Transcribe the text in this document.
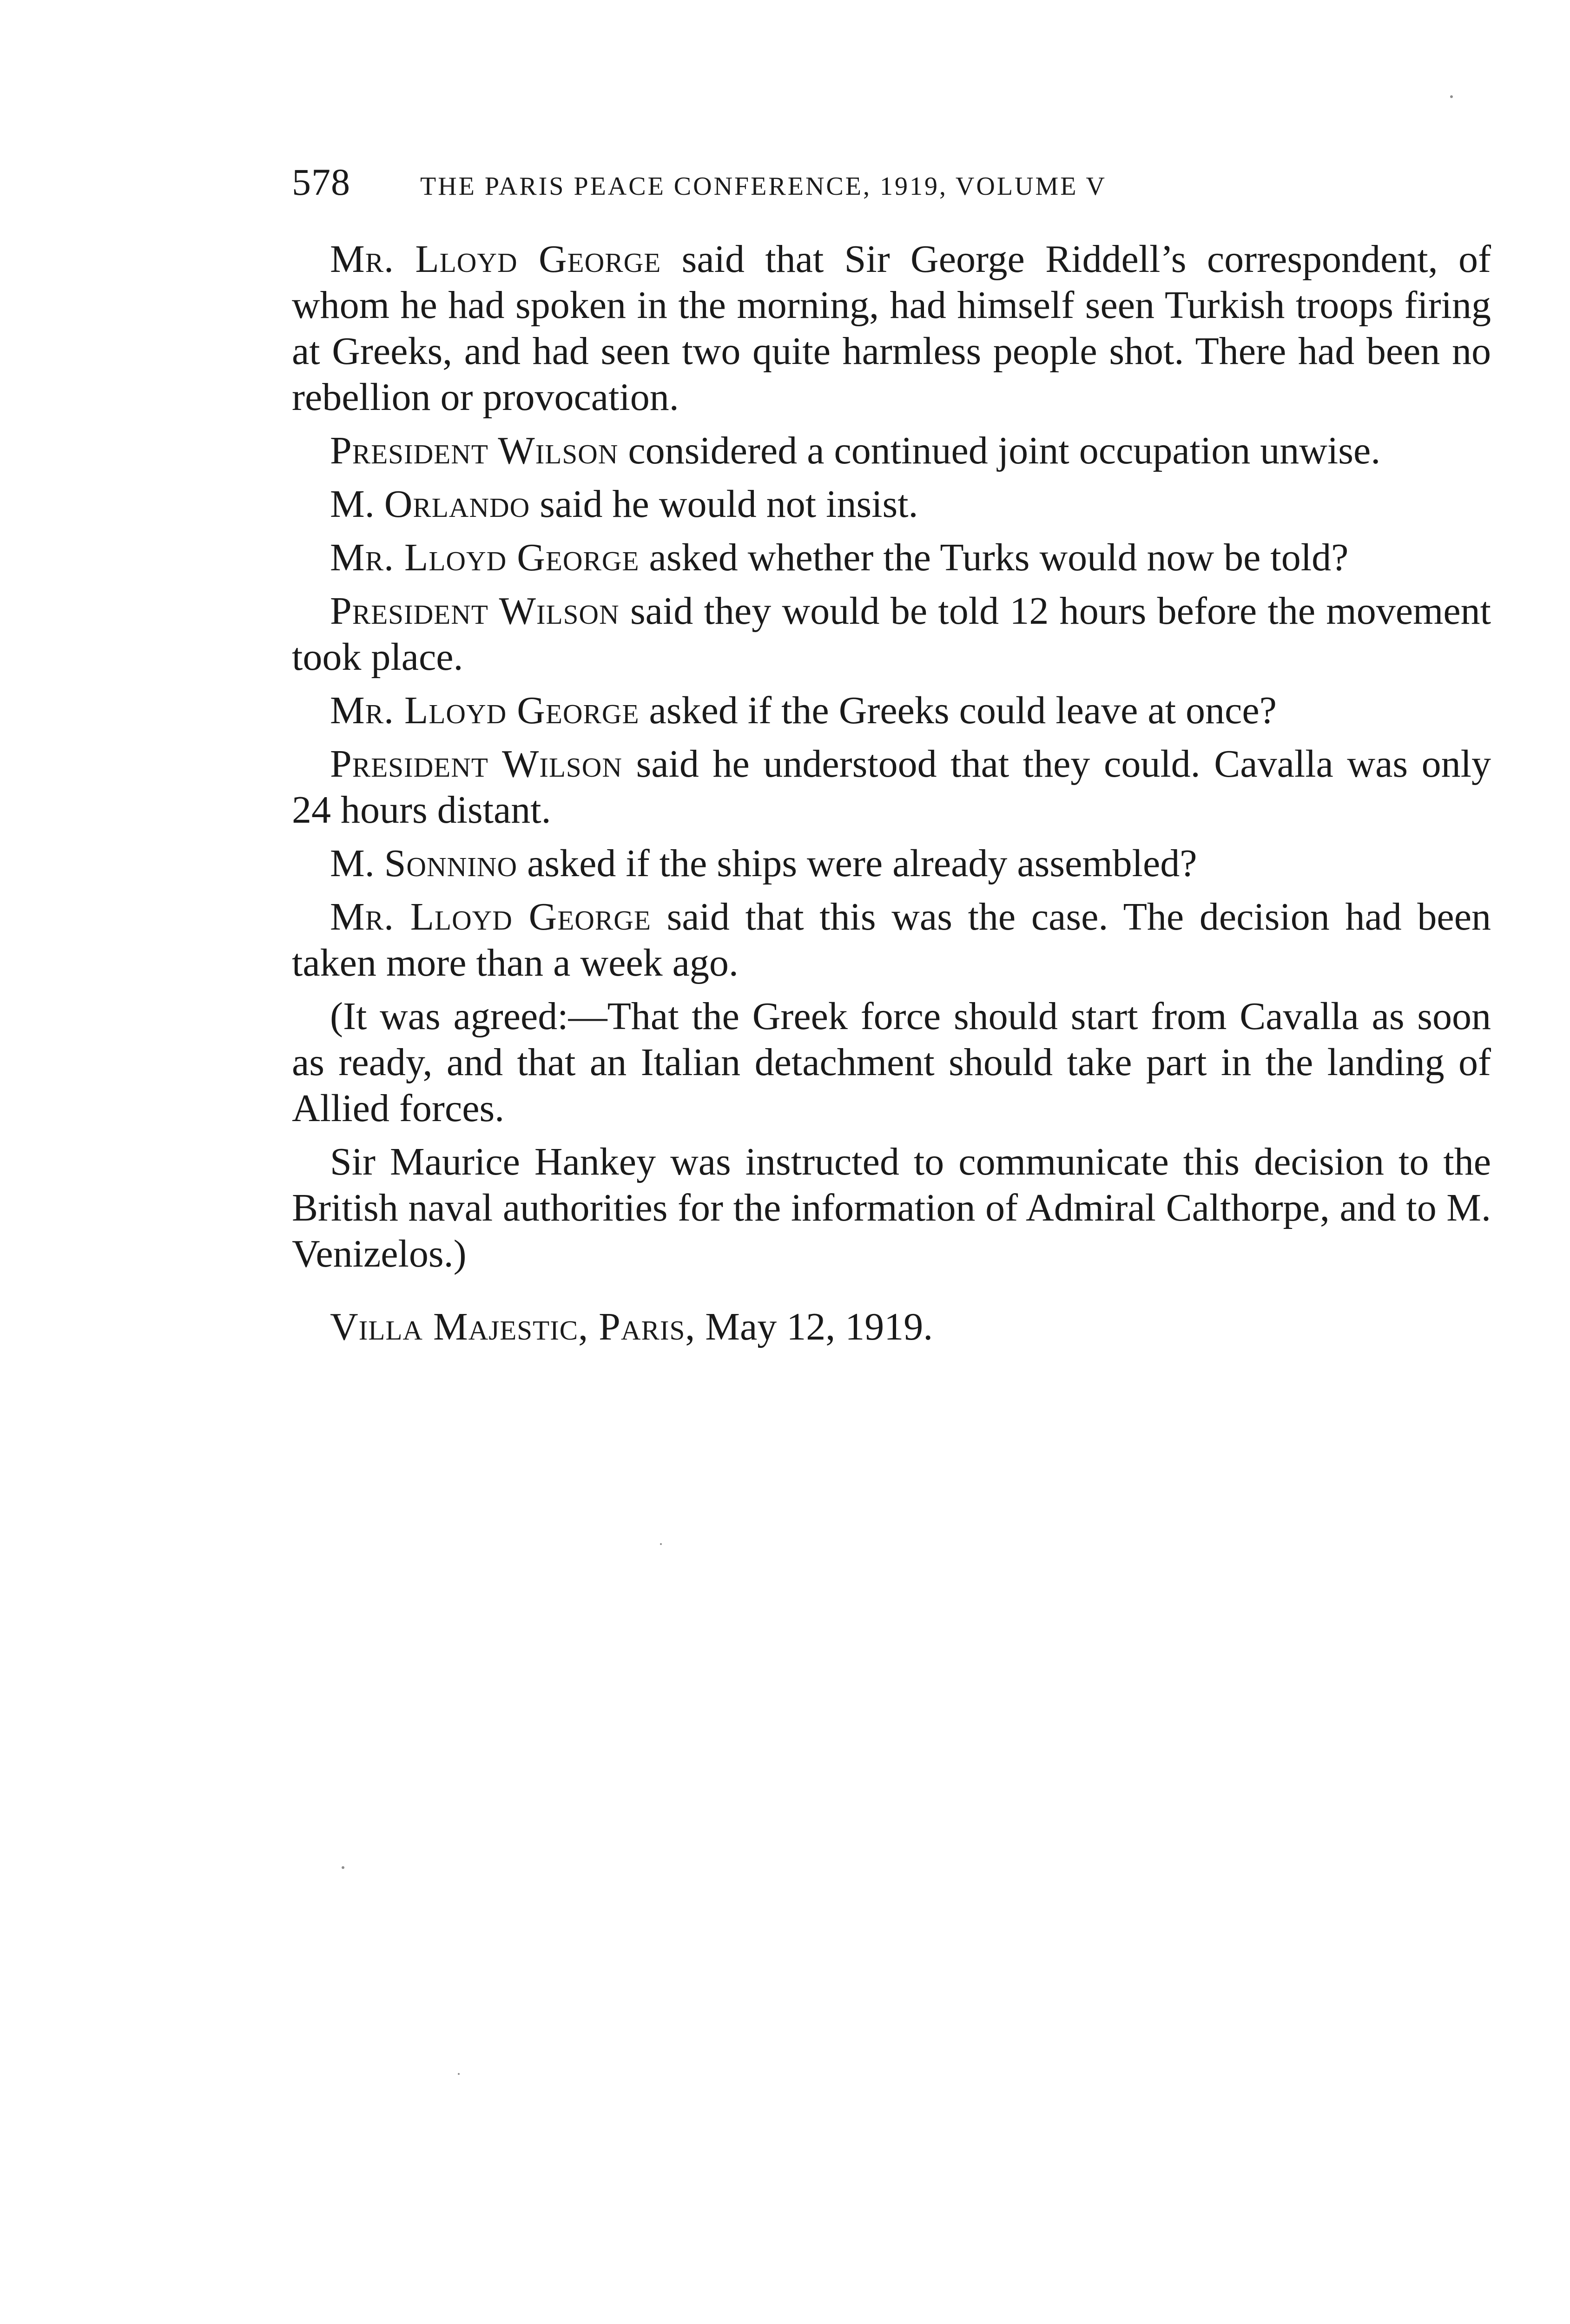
578	THE PARIS PEACE CONFERENCE, 1919, VOLUME V

Mr. Lloyd George said that Sir George Riddell’s correspondent, of whom he had spoken in the morning, had himself seen Turkish troops firing at Greeks, and had seen two quite harmless people shot. There had been no rebellion or provocation.

President Wilson considered a continued joint occupation unwise.

M. Orlando said he would not insist.

Mr. Lloyd George asked whether the Turks would now be told?

President Wilson said they would be told 12 hours before the movement took place.

Mr. Lloyd George asked if the Greeks could leave at once?

President Wilson said he understood that they could. Cavalla was only 24 hours distant.

M. Sonnino asked if the ships were already assembled?

Mr. Lloyd George said that this was the case. The decision had been taken more than a week ago.

(It was agreed:—That the Greek force should start from Cavalla as soon as ready, and that an Italian detachment should take part in the landing of Allied forces.

Sir Maurice Hankey was instructed to communicate this decision to the British naval authorities for the information of Admiral Calthorpe, and to M. Venizelos.)

Villa Majestic, Paris, May 12, 1919.
